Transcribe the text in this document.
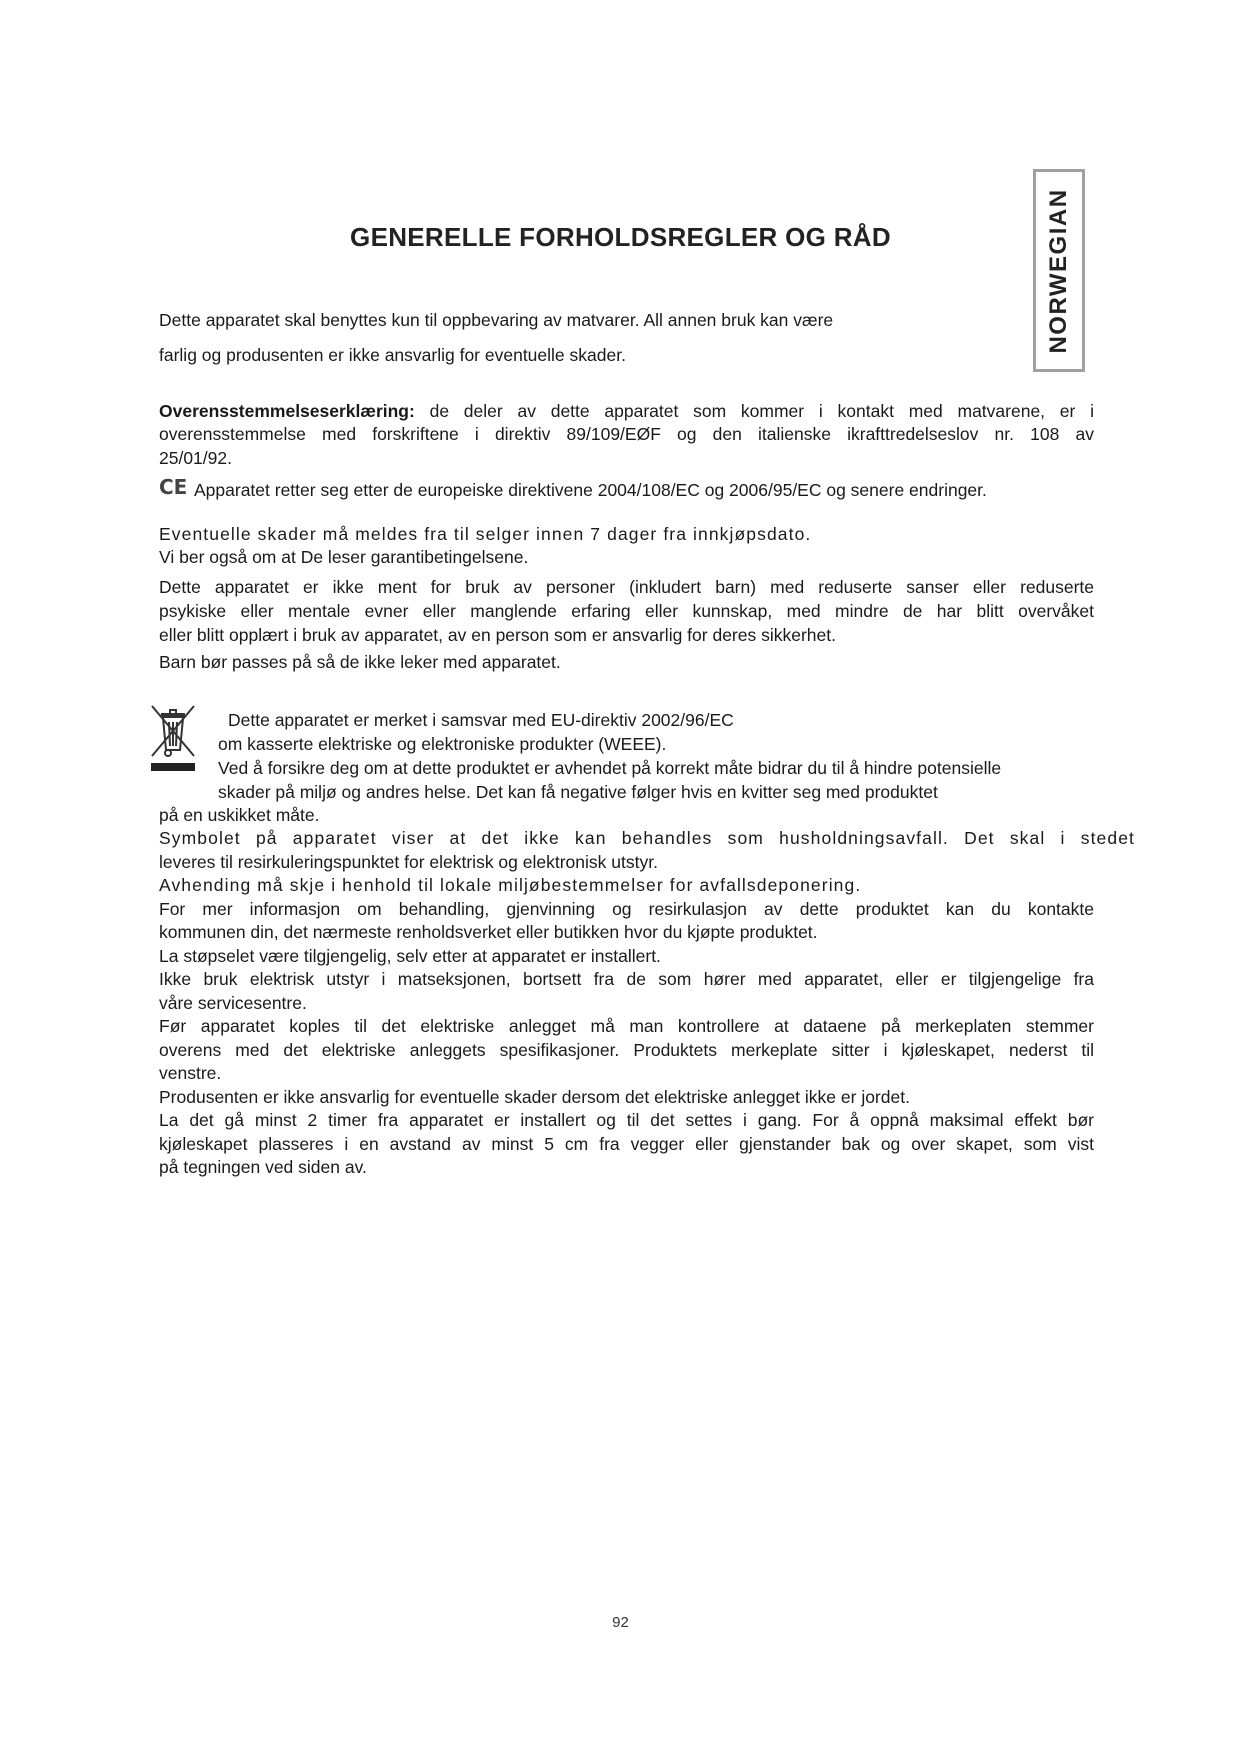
GENERELLE FORHOLDSREGLER OG RÅD	NORWEGIAN
Dette apparatet skal benyttes kun til oppbevaring av matvarer. All annen bruk kan være
farlig og produsenten er ikke ansvarlig for eventuelle skader.
Overensstemmelseserklæring: de deler av dette apparatet som kommer i kontakt med matvarene, er i
overensstemmelse med forskriftene i direktiv 89/109/EØF og den italienske ikrafttredelseslov nr. 108 av
25/01/92.
CE Apparatet retter seg etter de europeiske direktivene 2004/108/EC og 2006/95/EC og senere endringer.
Eventuelle skader må meldes fra til selger innen 7 dager fra innkjøpsdato.
Vi ber også om at De leser garantibetingelsene.
Dette apparatet er ikke ment for bruk av personer (inkludert barn) med reduserte sanser eller reduserte
psykiske eller mentale evner eller manglende erfaring eller kunnskap, med mindre de har blitt overvåket
eller blitt opplært i bruk av apparatet, av en person som er ansvarlig for deres sikkerhet.
Barn bør passes på så de ikke leker med apparatet.
Dette apparatet er merket i samsvar med EU-direktiv 2002/96/EC
om kasserte elektriske og elektroniske produkter (WEEE).
Ved å forsikre deg om at dette produktet er avhendet på korrekt måte bidrar du til å hindre potensielle
skader på miljø og andres helse. Det kan få negative følger hvis en kvitter seg med produktet
på en uskikket måte.
Symbolet på apparatet viser at det ikke kan behandles som husholdningsavfall. Det skal i stedet
leveres til resirkuleringspunktet for elektrisk og elektronisk utstyr.
Avhending må skje i henhold til lokale miljøbestemmelser for avfallsdeponering.
For mer informasjon om behandling, gjenvinning og resirkulasjon av dette produktet kan du kontakte
kommunen din, det nærmeste renholdsverket eller butikken hvor du kjøpte produktet.
La støpselet være tilgjengelig, selv etter at apparatet er installert.
Ikke bruk elektrisk utstyr i matseksjonen, bortsett fra de som hører med apparatet, eller er tilgjengelige fra
våre servicesentre.
Før apparatet koples til det elektriske anlegget må man kontrollere at dataene på merkeplaten stemmer
overens med det elektriske anleggets spesifikasjoner. Produktets merkeplate sitter i kjøleskapet, nederst til
venstre.
Produsenten er ikke ansvarlig for eventuelle skader dersom det elektriske anlegget ikke er jordet.
La det gå minst 2 timer fra apparatet er installert og til det settes i gang. For å oppnå maksimal effekt bør
kjøleskapet plasseres i en avstand av minst 5 cm fra vegger eller gjenstander bak og over skapet, som vist
på tegningen ved siden av.
92
